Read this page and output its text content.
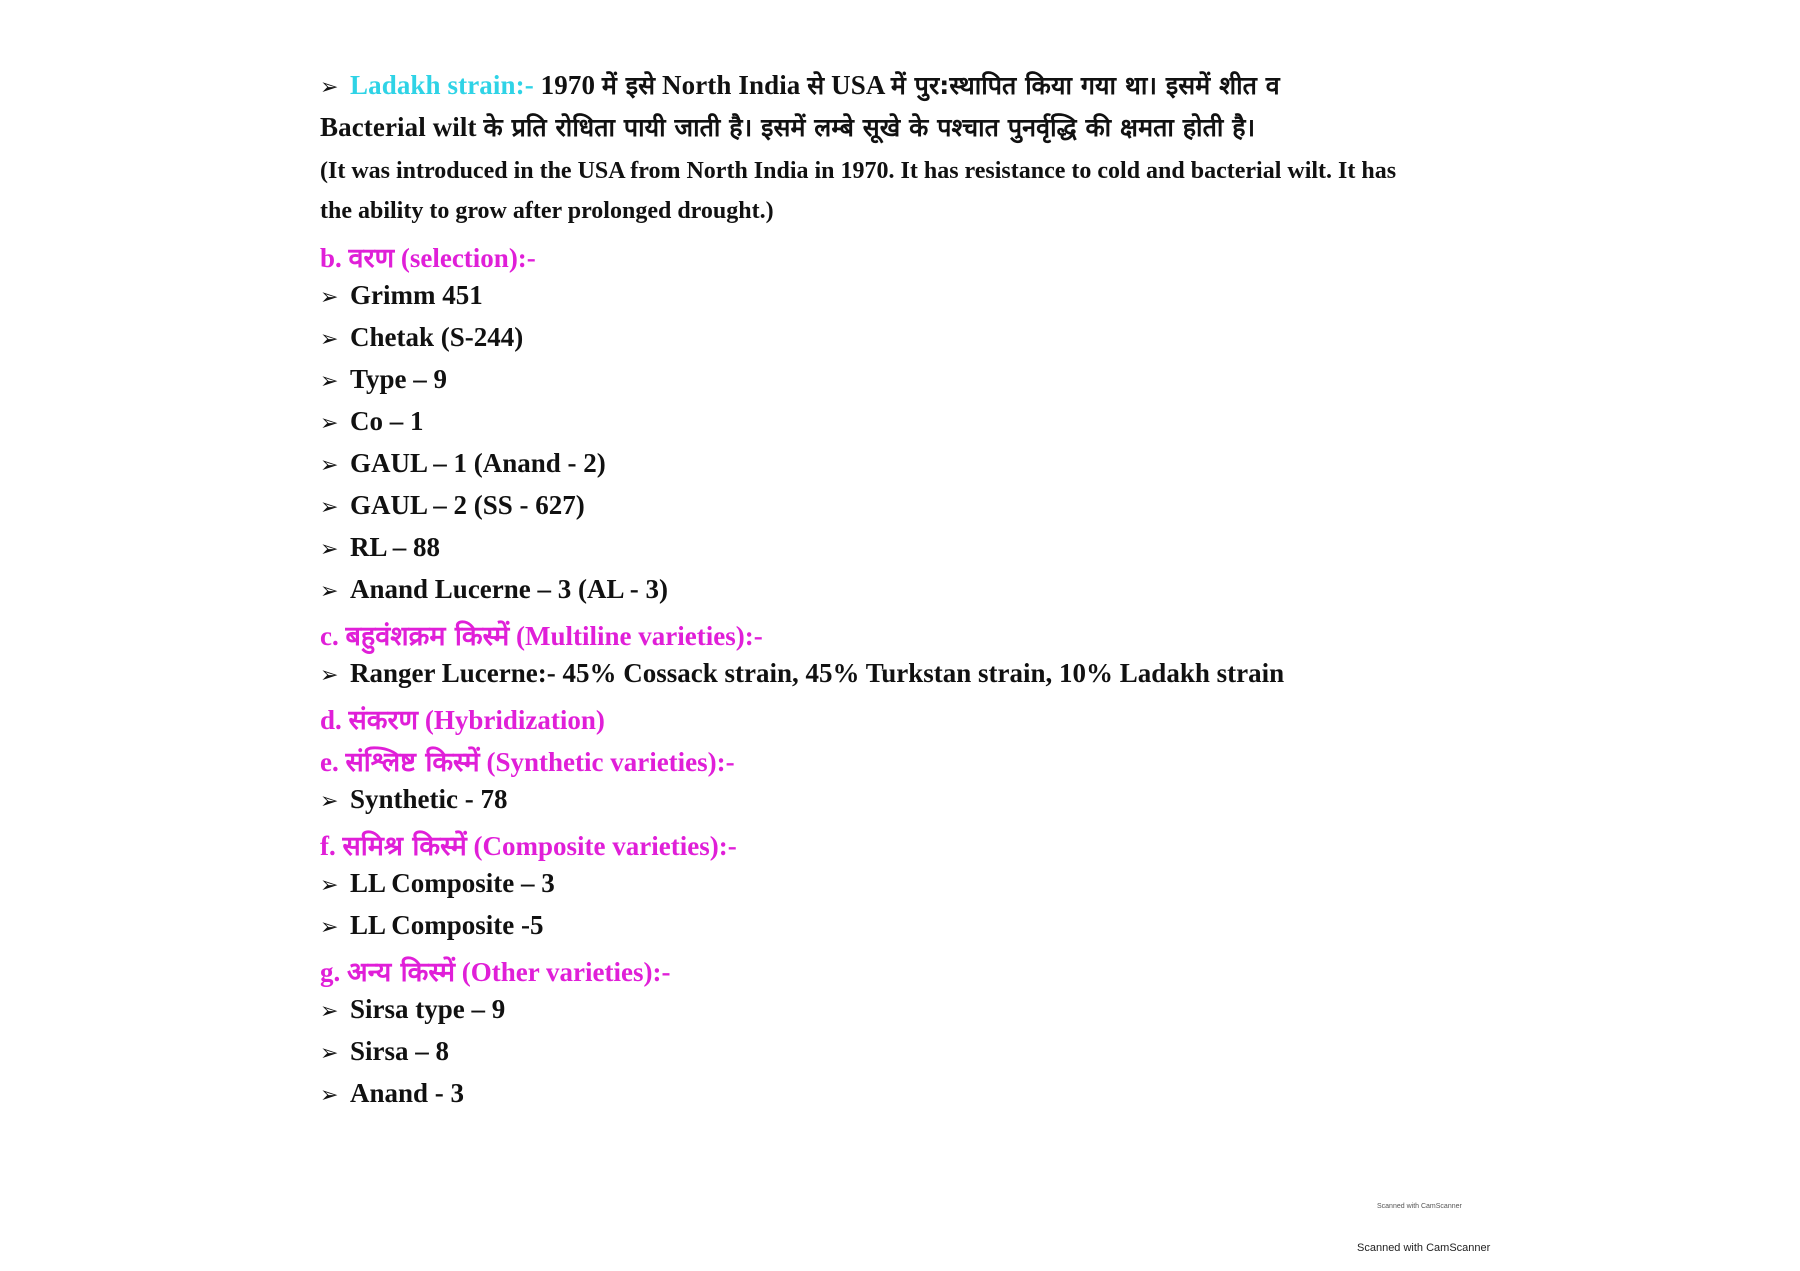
➢ Ladakh strain:- 1970 में इसे North India से USA में पुर:स्थापित किया गया था। इसमें शीत व
Bacterial wilt के प्रति रोधिता पायी जाती है। इसमें लम्बे सूखे के पश्चात पुनर्वृद्धि की क्षमता होती है।
(It was introduced in the USA from North India in 1970. It has resistance to cold and bacterial wilt. It has
the ability to grow after prolonged drought.)
b. वरण (selection):-
➢ Grimm 451
➢ Chetak (S-244)
➢ Type – 9
➢ Co – 1
➢ GAUL – 1 (Anand - 2)
➢ GAUL – 2 (SS - 627)
➢ RL – 88
➢ Anand Lucerne – 3 (AL - 3)
c. बहुवंशक्रम किस्में (Multiline varieties):-
➢ Ranger Lucerne:- 45% Cossack strain, 45% Turkstan strain, 10% Ladakh strain
d. संकरण (Hybridization)
e. संश्लिष्ट किस्में (Synthetic varieties):-
➢ Synthetic - 78
f. समिश्र किस्में (Composite varieties):-
➢ LL Composite – 3
➢ LL Composite -5
g. अन्य किस्में (Other varieties):-
➢ Sirsa type – 9
➢ Sirsa – 8
➢ Anand - 3
Scanned with CamScanner
Scanned with CamScanner
